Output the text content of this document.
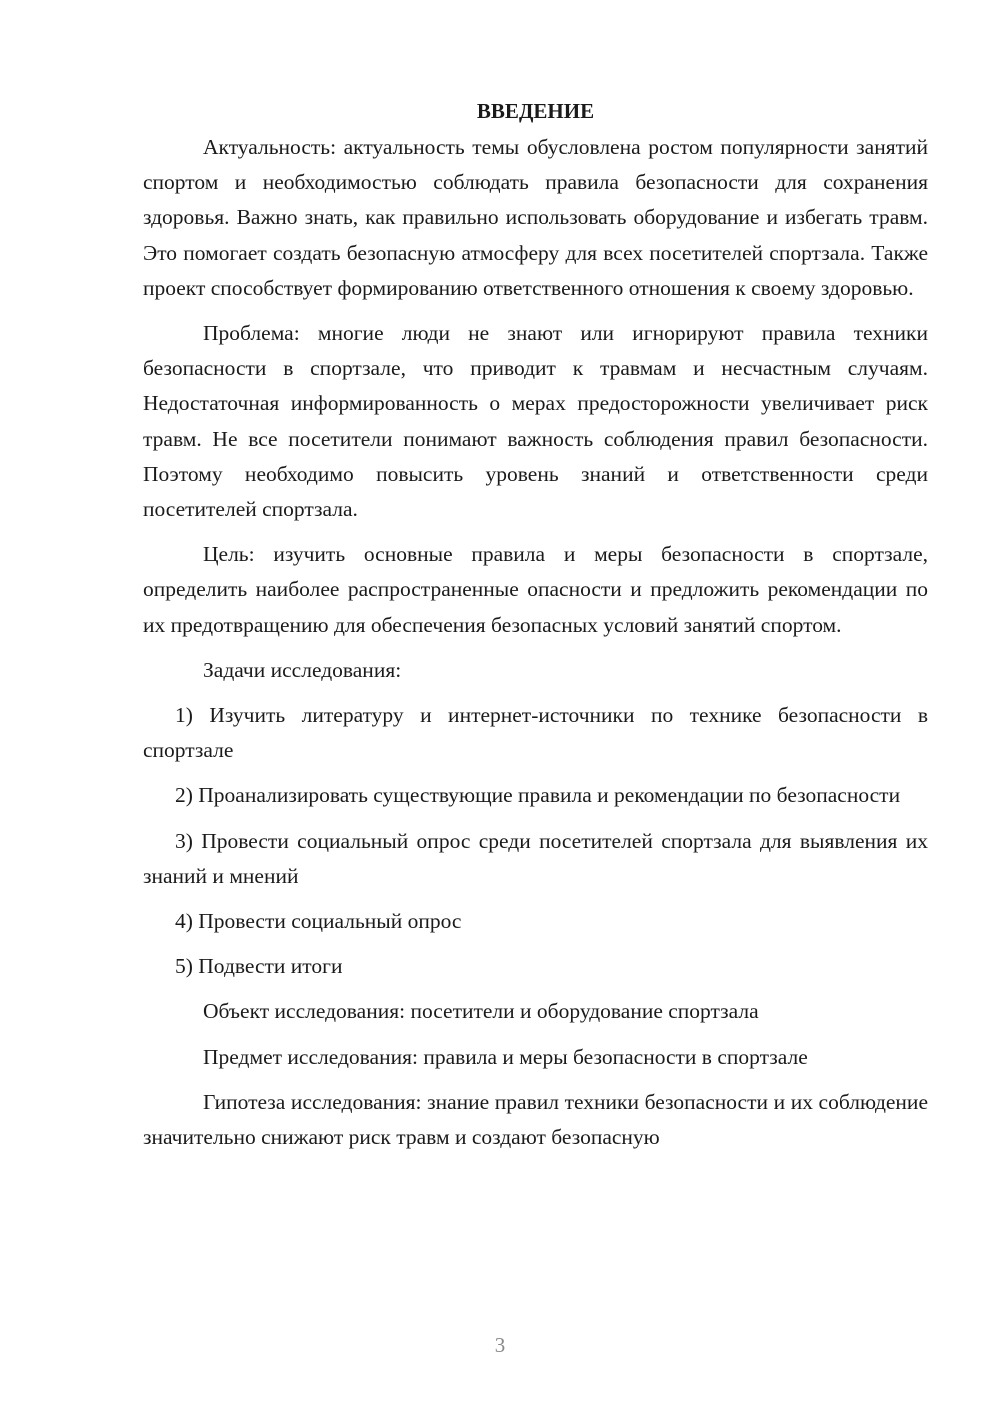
ВВЕДЕНИЕ

Актуальность: актуальность темы обусловлена ростом популярности занятий спортом и необходимостью соблюдать правила безопасности для сохранения здоровья. Важно знать, как правильно использовать оборудование и избегать травм. Это помогает создать безопасную атмосферу для всех посетителей спортзала. Также проект способствует формированию ответственного отношения к своему здоровью.

Проблема: многие люди не знают или игнорируют правила техники безопасности в спортзале, что приводит к травмам и несчастным случаям. Недостаточная информированность о мерах предосторожности увеличивает риск травм. Не все посетители понимают важность соблюдения правил безопасности. Поэтому необходимо повысить уровень знаний и ответственности среди посетителей спортзала.

Цель: изучить основные правила и меры безопасности в спортзале, определить наиболее распространенные опасности и предложить рекомендации по их предотвращению для обеспечения безопасных условий занятий спортом.

Задачи исследования:

1) Изучить литературу и интернет-источники по технике безопасности в спортзале

2) Проанализировать существующие правила и рекомендации по безопасности

3) Провести социальный опрос среди посетителей спортзала для выявления их знаний и мнений

4) Провести социальный опрос

5) Подвести итоги

Объект исследования: посетители и оборудование спортзала

Предмет исследования: правила и меры безопасности в спортзале

Гипотеза исследования: знание правил техники безопасности и их соблюдение значительно снижают риск травм и создают безопасную

3
